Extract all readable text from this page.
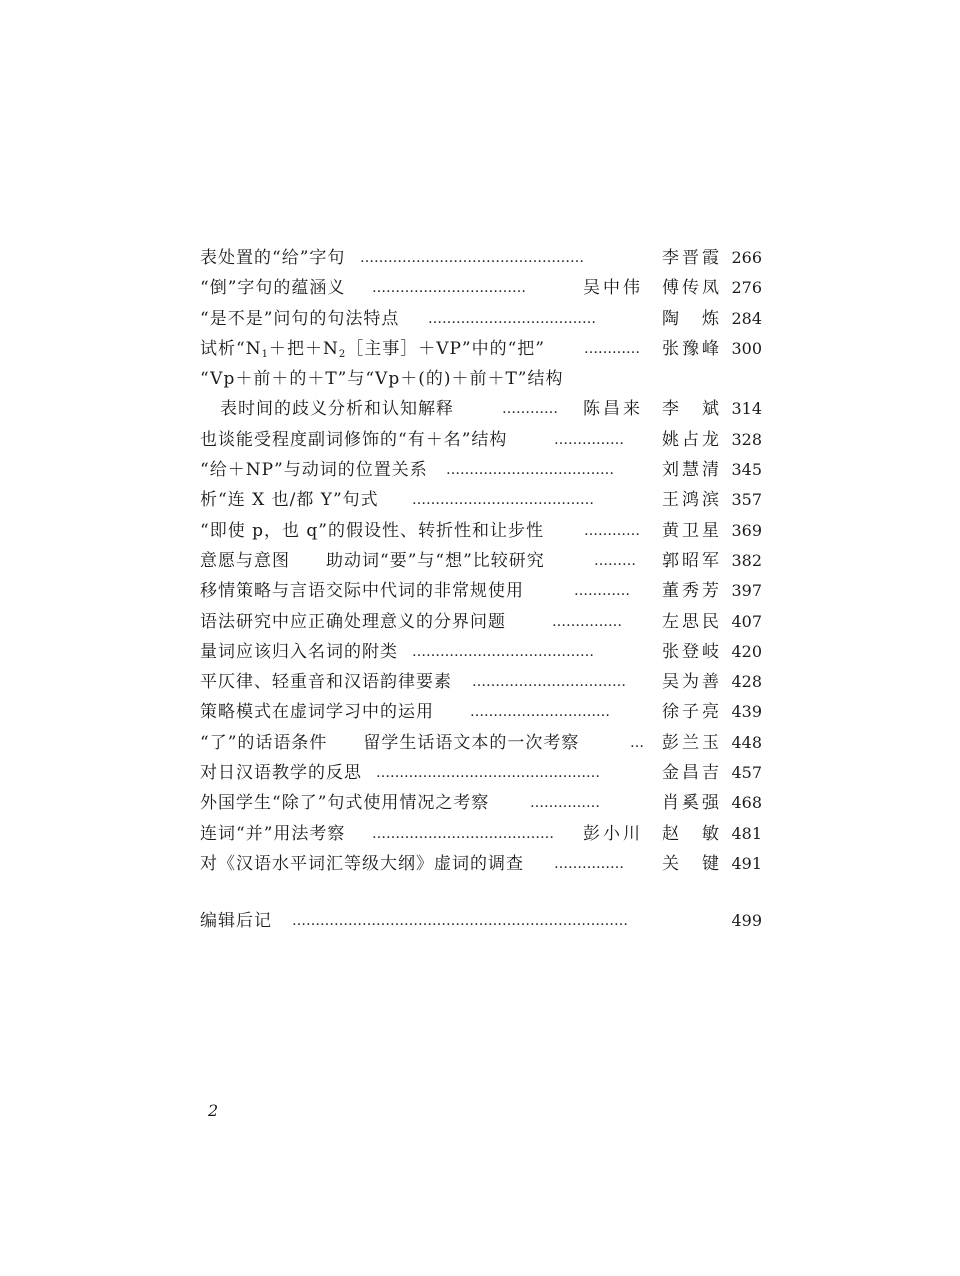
表处置的“给”字句 …………………………………………	李晋霞 266
“倒”字句的蕴涵义 ……………………………	吴中伟 傅传凤 276
“是不是”问句的句法特点 ………………………………	陶　炼 284
试析“$N_1+$把$+N_2[$主事］＋VP”中的“把”	…………	张豫峰 300
“Vp＋前＋的＋T”与“Vp＋(的)＋前＋T”结构
表时间的歧义分析和认知解释	…………	陈昌来 李　斌 314
也谈能受程度副词修饰的“有＋名”结构	……………	姚占龙 328
“给＋NP”与动词的位置关系 ………………………………	刘慧清 345
析“连 X 也/都 Y”句式 …………………………………	王鸿滨 357
“即使 p，也 q”的假设性、转折性和让步性	…………	黄卫星 369
意愿与意图　　助动词“要”与“想”比较研究	………	郭昭军 382
移情策略与言语交际中代词的非常规使用	…………	董秀芳 397
语法研究中应正确处理意义的分界问题	……………	左思民 407
量词应该归入名词的附类 …………………………………	张登岐 420
平仄律、轻重音和汉语韵律要素 ……………………………	吴为善 428
策略模式在虚词学习中的运用	…………………………	徐子亮 439
“了”的话语条件　　留学生话语文本的一次考察	…	彭兰玉 448
对日汉语教学的反思 …………………………………………	金昌吉 457
外国学生“除了”句式使用情况之考察	……………	肖奚强 468
连词“并”用法考察 …………………………………	彭小川 赵　敏 481
对《汉语水平词汇等级大纲》虚词的调查 ……………	关　键 491
编辑后记 ………………………………………………………………	499
2
